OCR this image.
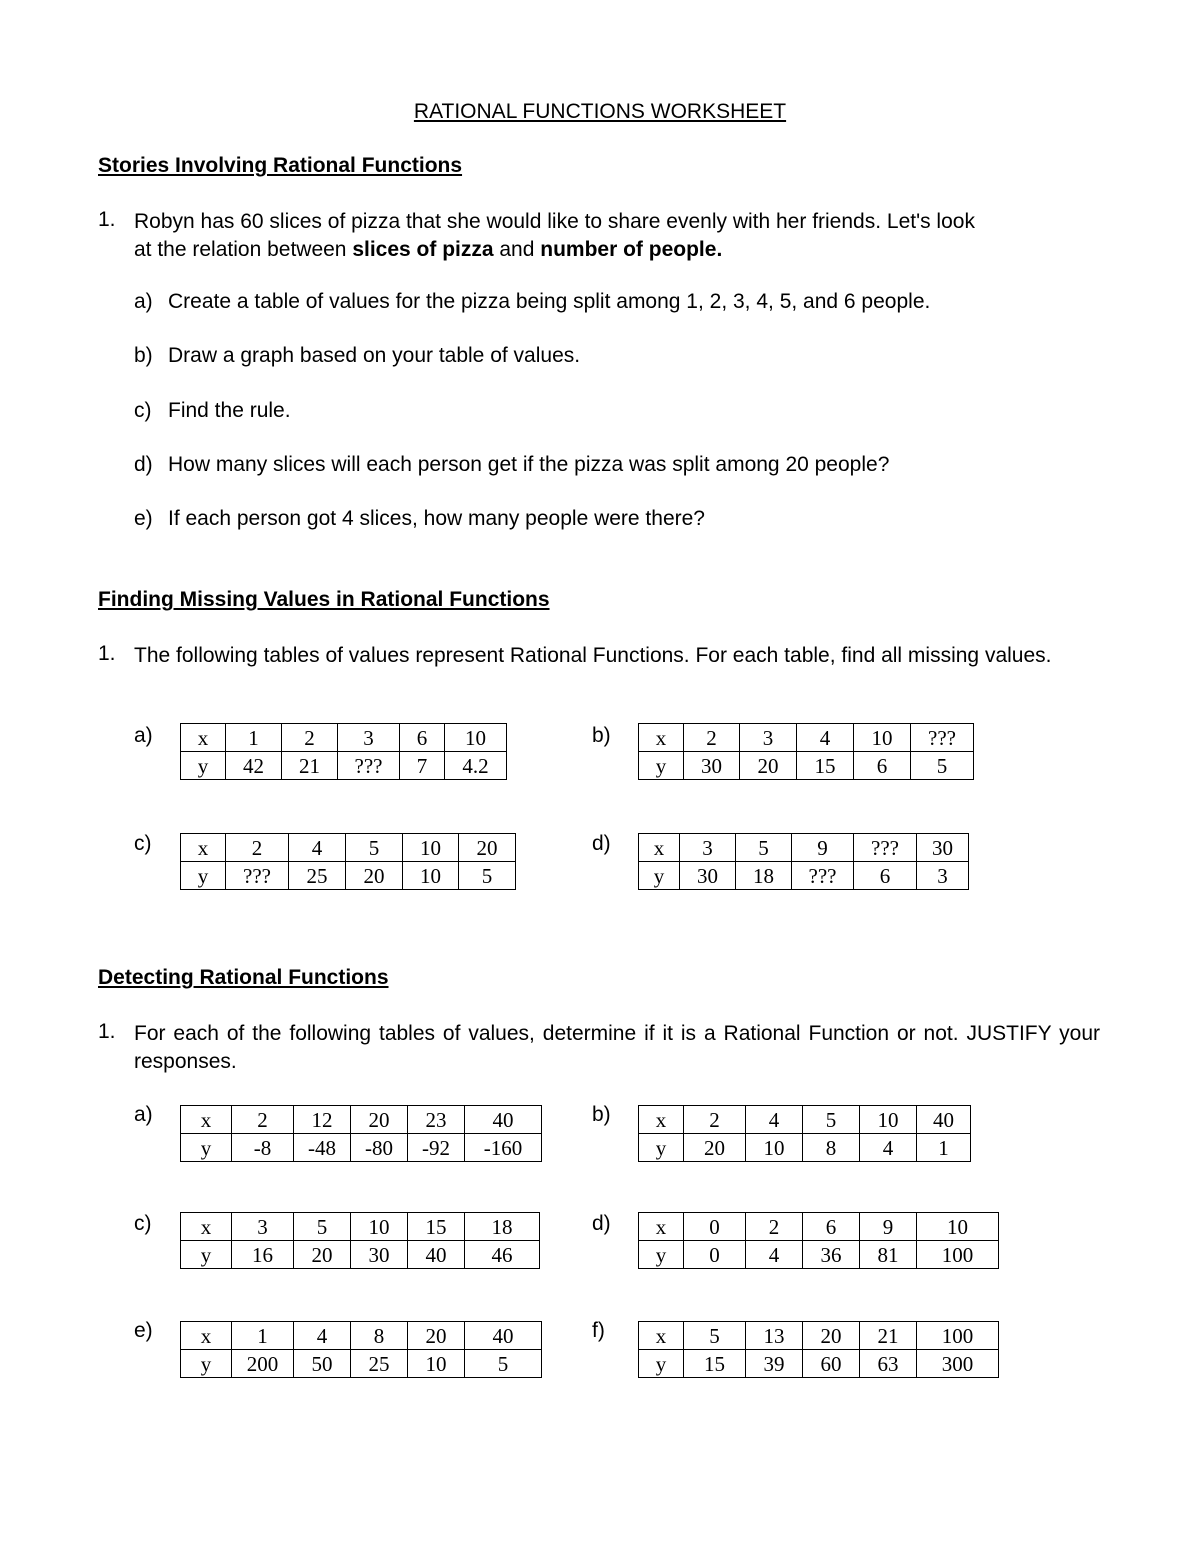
RATIONAL FUNCTIONS WORKSHEET
Stories Involving Rational Functions
1. Robyn has 60 slices of pizza that she would like to share evenly with her friends. Let's look
at the relation between slices of pizza and number of people.
a) Create a table of values for the pizza being split among 1, 2, 3, 4, 5, and 6 people.
b) Draw a graph based on your table of values.
c) Find the rule.
d) How many slices will each person get if the pizza was split among 20 people?
e) If each person got 4 slices, how many people were there?
Finding Missing Values in Rational Functions
1. The following tables of values represent Rational Functions. For each table, find all missing values.
a) x	1	2	3	6	10
y	42	21	???	7	4.2
b) x	2	3	4	10	???
y	30	20	15	6	5
c) x	2	4	5	10	20
y	???	25	20	10	5
d) x	3	5	9	???	30
y	30	18	???	6	3
Detecting Rational Functions
1. For each of the following tables of values, determine if it is a Rational Function or not. JUSTIFY your responses.
a) x	2	12	20	23	40
y	-8	-48	-80	-92	-160
b) x	2	4	5	10	40
y	20	10	8	4	1
c) x	3	5	10	15	18
y	16	20	30	40	46
d) x	0	2	6	9	10
y	0	4	36	81	100
e) x	1	4	8	20	40
y	200	50	25	10	5
f) x	5	13	20	21	100
y	15	39	60	63	300
